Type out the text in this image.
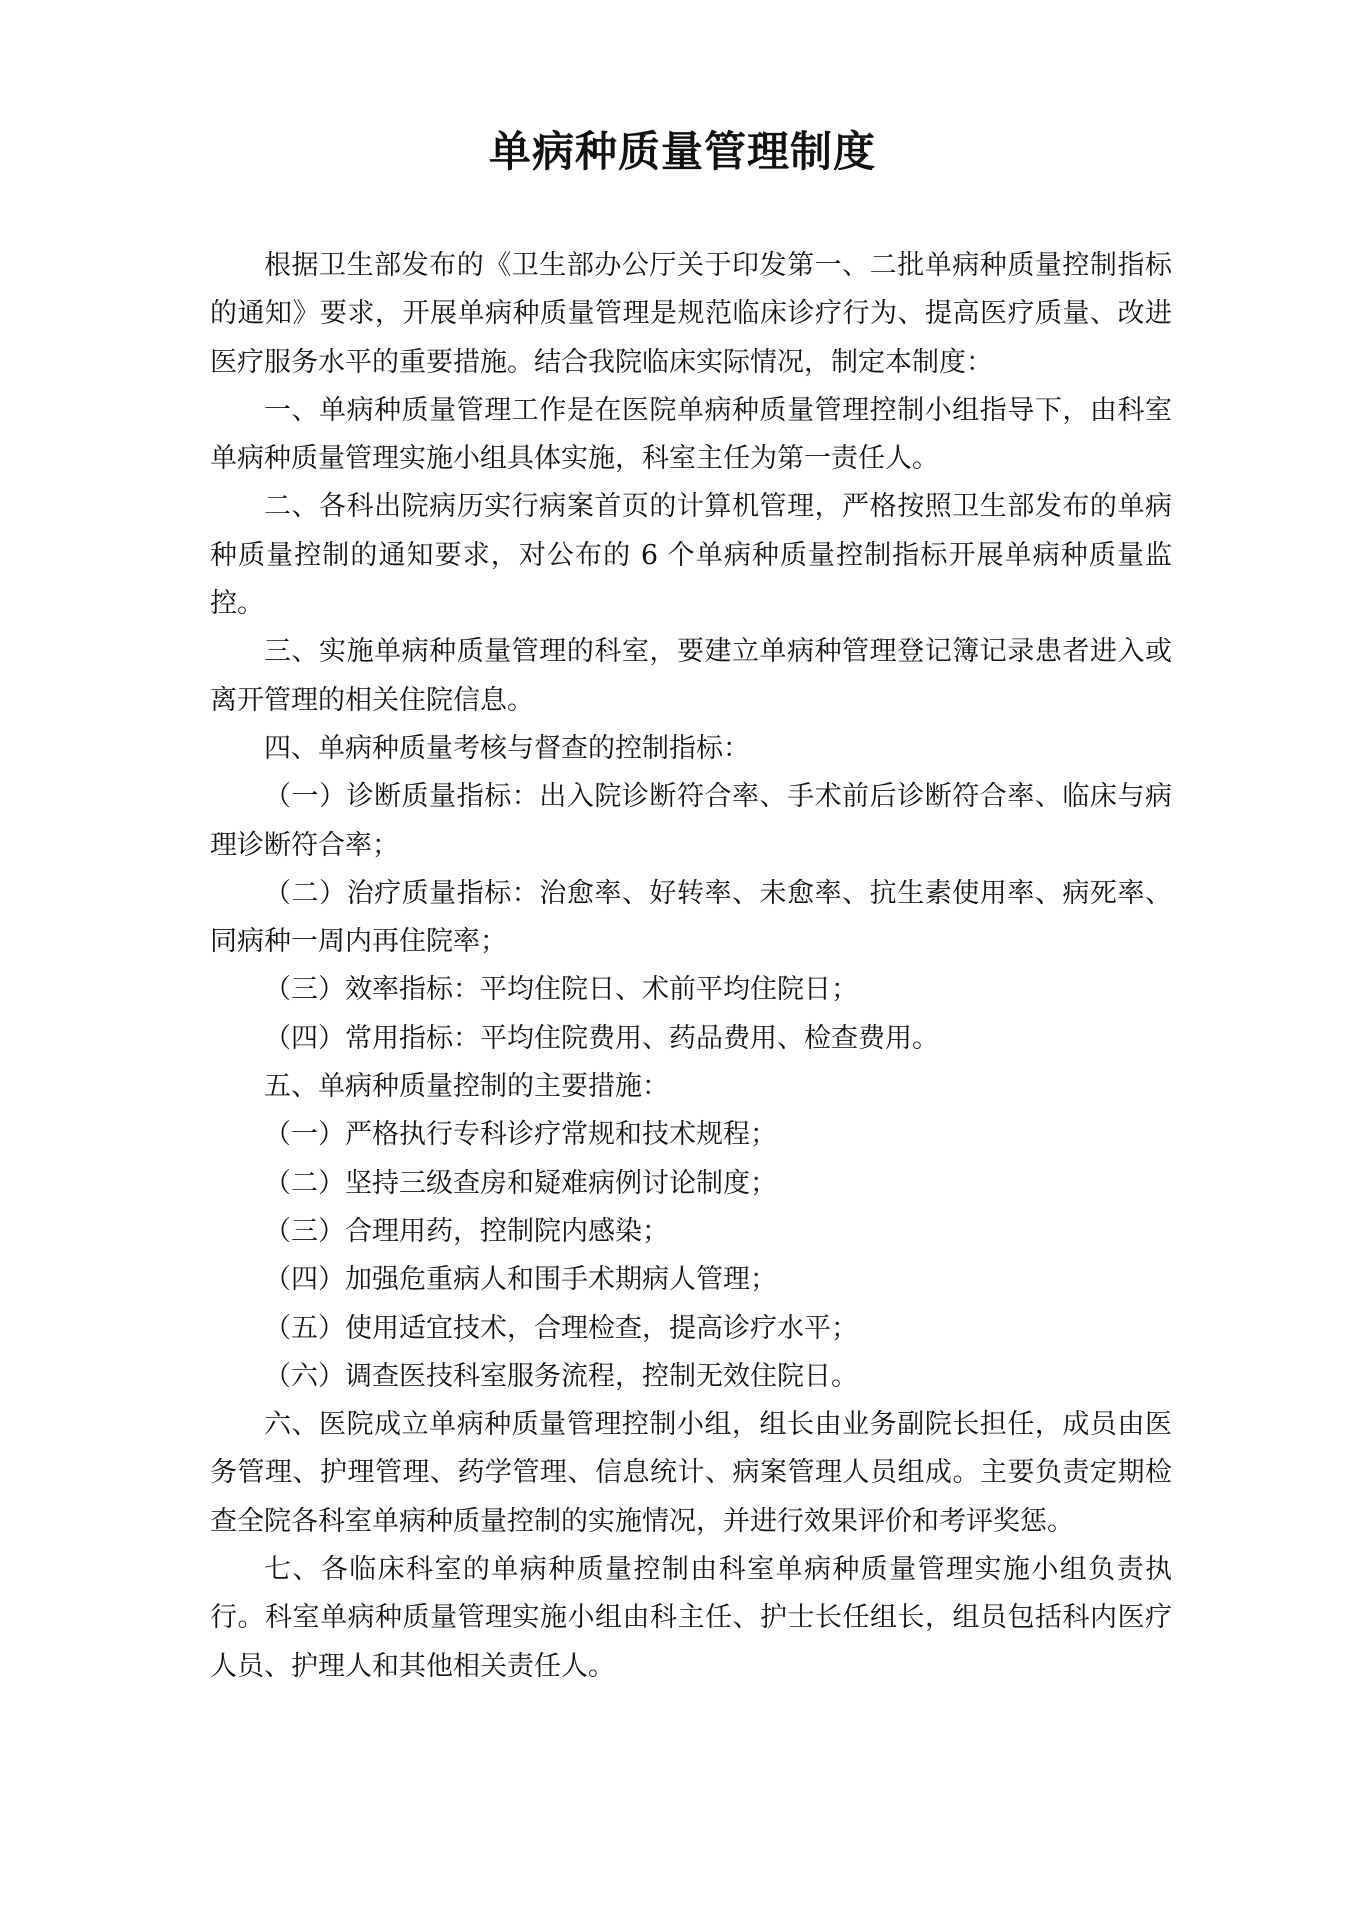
单病种质量管理制度

根据卫生部发布的《卫生部办公厅关于印发第一、二批单病种质量控制指标的通知》要求，开展单病种质量管理是规范临床诊疗行为、提高医疗质量、改进医疗服务水平的重要措施。结合我院临床实际情况，制定本制度：

一、单病种质量管理工作是在医院单病种质量管理控制小组指导下，由科室单病种质量管理实施小组具体实施，科室主任为第一责任人。

二、各科出院病历实行病案首页的计算机管理，严格按照卫生部发布的单病种质量控制的通知要求，对公布的 6 个单病种质量控制指标开展单病种质量监控。

三、实施单病种质量管理的科室，要建立单病种管理登记簿记录患者进入或离开管理的相关住院信息。

四、单病种质量考核与督查的控制指标：

（一）诊断质量指标：出入院诊断符合率、手术前后诊断符合率、临床与病理诊断符合率；

（二）治疗质量指标：治愈率、好转率、未愈率、抗生素使用率、病死率、同病种一周内再住院率；

（三）效率指标：平均住院日、术前平均住院日；

（四）常用指标：平均住院费用、药品费用、检查费用。

五、单病种质量控制的主要措施：

（一）严格执行专科诊疗常规和技术规程；

（二）坚持三级查房和疑难病例讨论制度；

（三）合理用药，控制院内感染；

（四）加强危重病人和围手术期病人管理；

（五）使用适宜技术，合理检查，提高诊疗水平；

（六）调查医技科室服务流程，控制无效住院日。

六、医院成立单病种质量管理控制小组，组长由业务副院长担任，成员由医务管理、护理管理、药学管理、信息统计、病案管理人员组成。主要负责定期检查全院各科室单病种质量控制的实施情况，并进行效果评价和考评奖惩。

七、各临床科室的单病种质量控制由科室单病种质量管理实施小组负责执行。科室单病种质量管理实施小组由科主任、护士长任组长，组员包括科内医疗人员、护理人和其他相关责任人。
